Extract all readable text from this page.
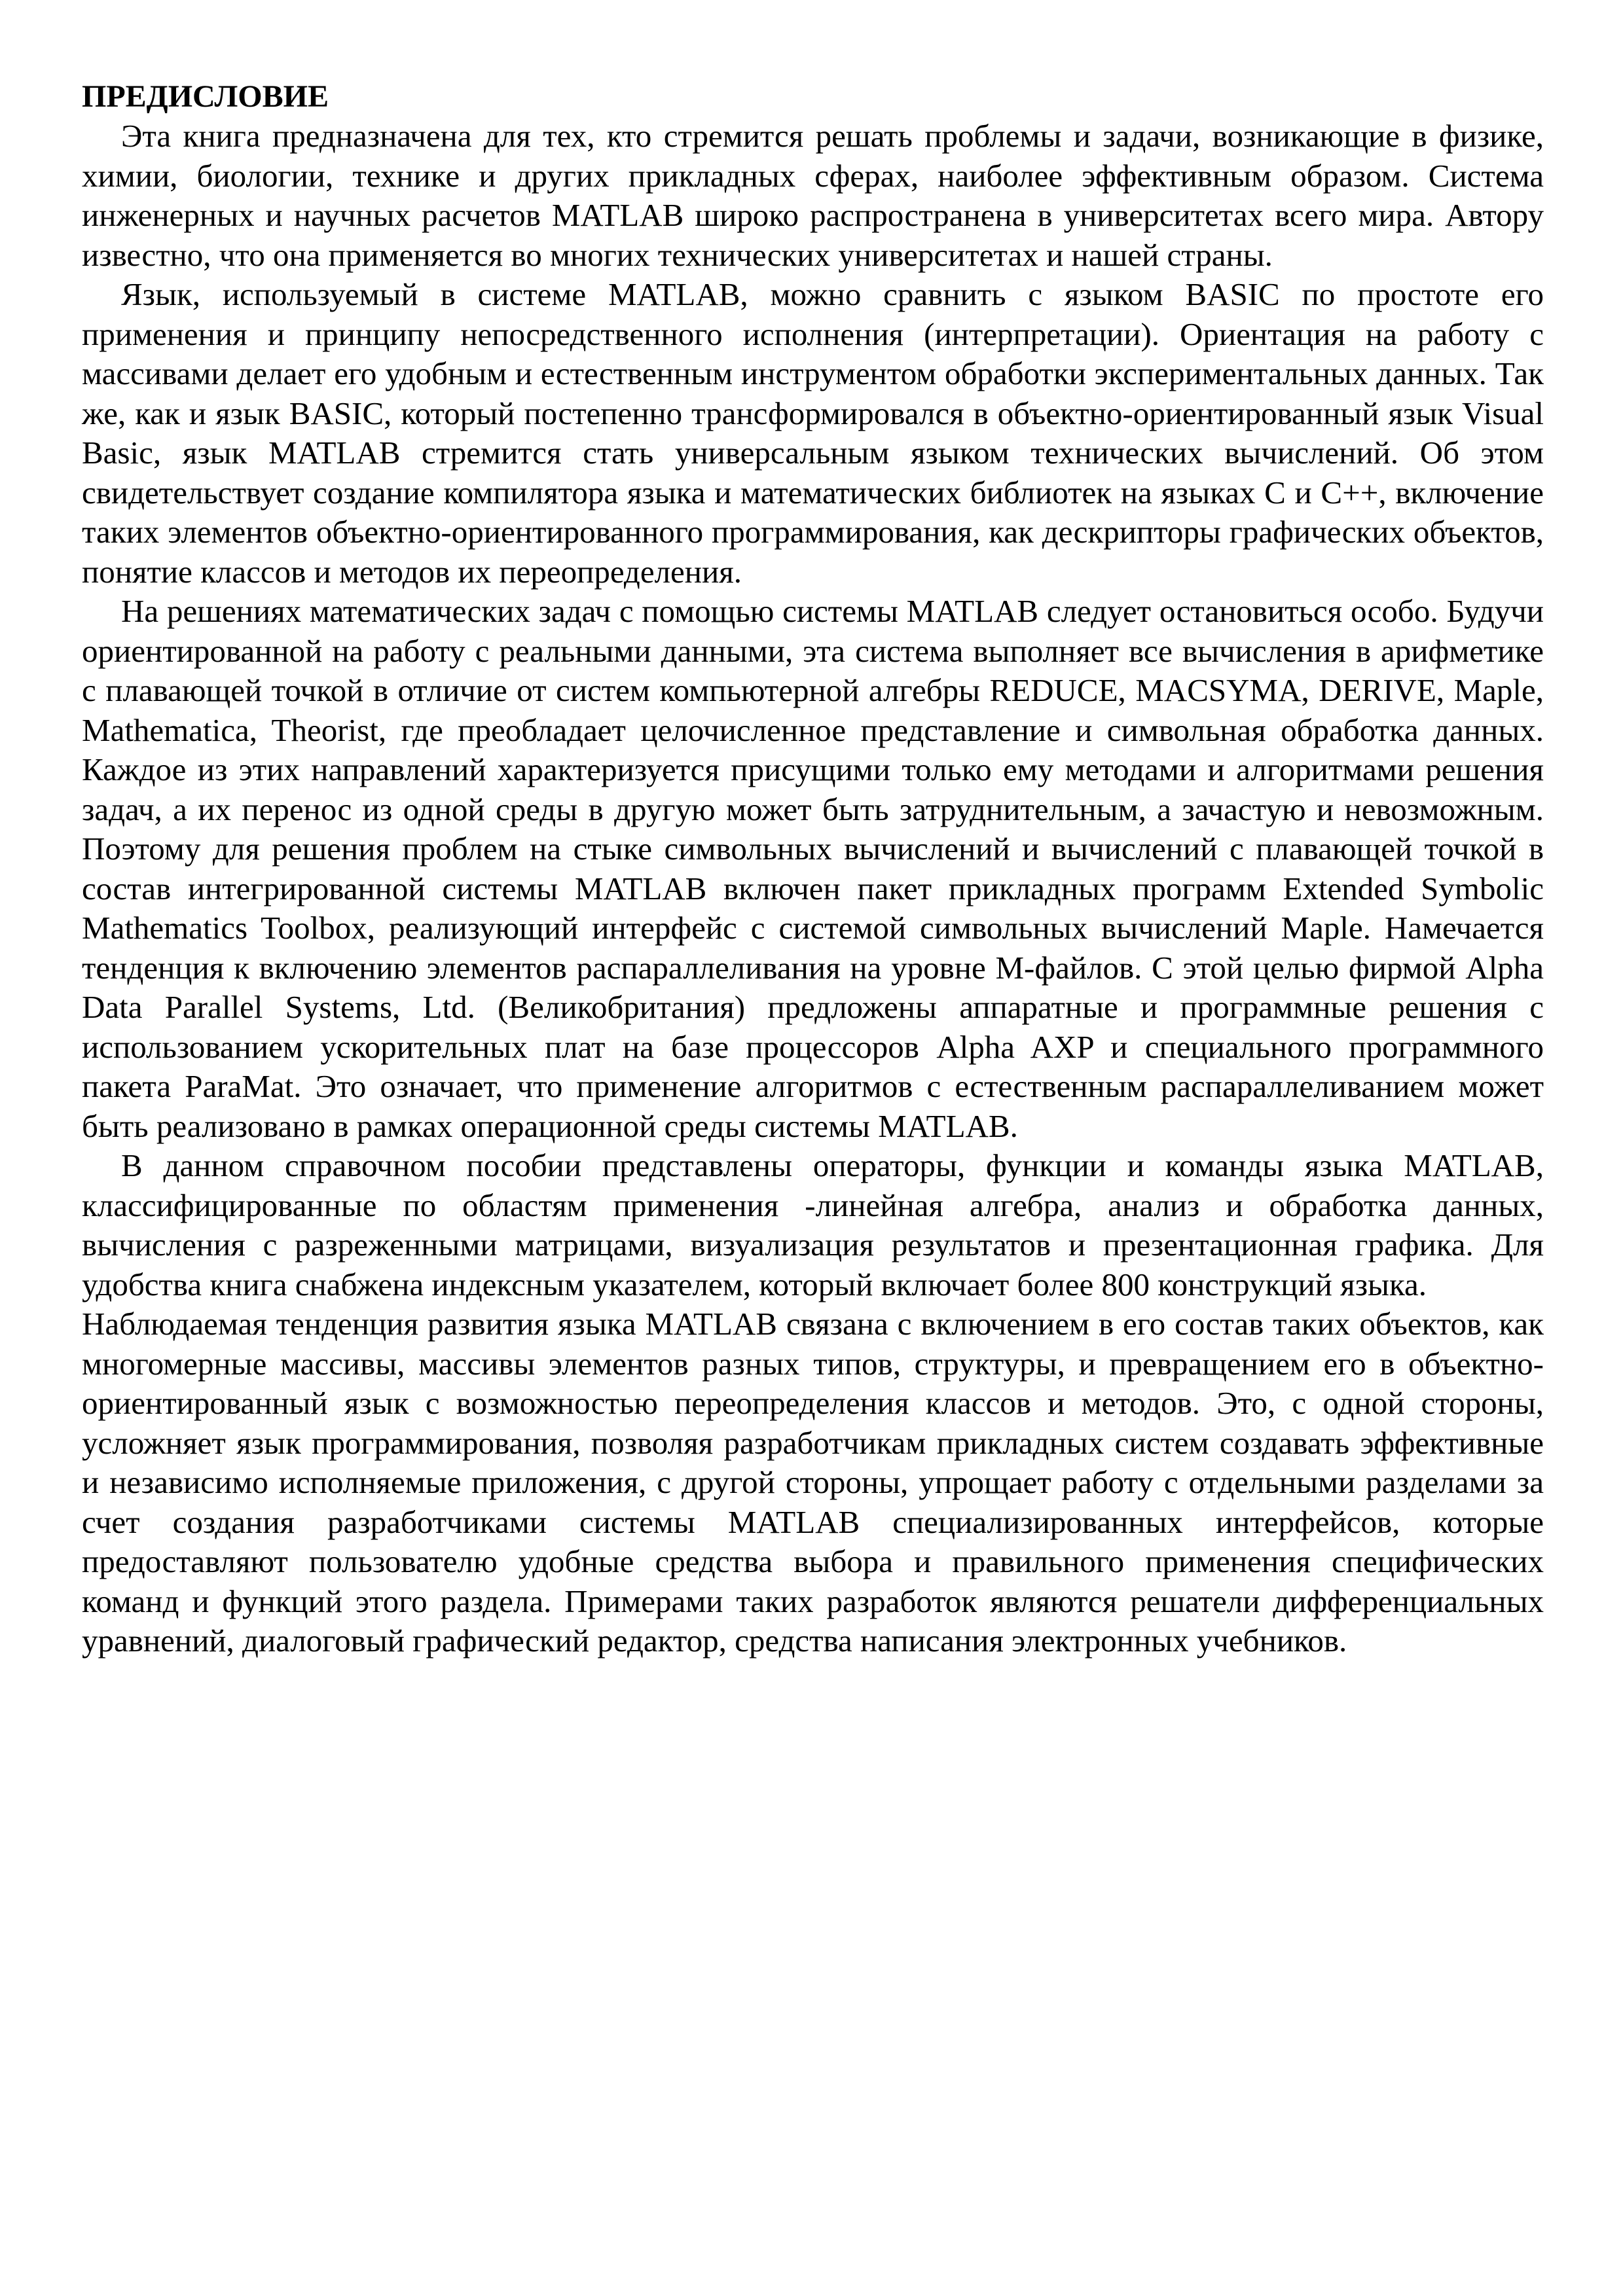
ПРЕДИСЛОВИЕ

Эта книга предназначена для тех, кто стремится решать проблемы и задачи, возникающие в физике, химии, биологии, технике и других прикладных сферах, наиболее эффективным образом. Система инженерных и научных расчетов MATLAB широко распространена в университетах всего мира. Автору известно, что она применяется во многих технических университетах и нашей страны.

Язык, используемый в системе MATLAB, можно сравнить с языком BASIC по простоте его применения и принципу непосредственного исполнения (интерпретации). Ориентация на работу с массивами делает его удобным и естественным инструментом обработки экспериментальных данных. Так же, как и язык BASIC, который постепенно трансформировался в объектно-ориентированный язык Visual Basic, язык MATLAB стремится стать универсальным языком технических вычислений. Об этом свидетельствует создание компилятора языка и математических библиотек на языках С и С++, включение таких элементов объектно-ориентированного программирования, как дескрипторы графических объектов, понятие классов и методов их переопределения.

На решениях математических задач с помощью системы MATLAB следует остановиться особо. Будучи ориентированной на работу с реальными данными, эта система выполняет все вычисления в арифметике с плавающей точкой в отличие от систем компьютерной алгебры REDUCE, MACSYMA, DERIVE, Maple, Mathematica, Theorist, где преобладает целочисленное представление и символьная обработка данных. Каждое из этих направлений характеризуется присущими только ему методами и алгоритмами решения задач, а их перенос из одной среды в другую может быть затруднительным, а зачастую и невозможным. Поэтому для решения проблем на стыке символьных вычислений и вычислений с плавающей точкой в состав интегрированной системы MATLAB включен пакет прикладных программ Extended Symbolic Mathematics Toolbox, реализующий интерфейс с системой символьных вычислений Maple. Намечается тенденция к включению элементов распараллеливания на уровне М-файлов. С этой целью фирмой Alpha Data Parallel Systems, Ltd. (Великобритания) предложены аппаратные и программные решения с использованием ускорительных плат на базе процессоров Alpha AXP и специального программного пакета ParaMat. Это означает, что применение алгоритмов с естественным распараллеливанием может быть реализовано в рамках операционной среды системы MATLAB.

В данном справочном пособии представлены операторы, функции и команды языка MATLAB, классифицированные по областям применения -линейная алгебра, анализ и обработка данных, вычисления с разреженными матрицами, визуализация результатов и презентационная графика. Для удобства книга снабжена индексным указателем, который включает более 800 конструкций языка.

Наблюдаемая тенденция развития языка MATLAB связана с включением в его состав таких объектов, как многомерные массивы, массивы элементов разных типов, структуры, и превращением его в объектно-ориентированный язык с возможностью переопределения классов и методов. Это, с одной стороны, усложняет язык программирования, позволяя разработчикам прикладных систем создавать эффективные и независимо исполняемые приложения, с другой стороны, упрощает работу с отдельными разделами за счет создания разработчиками системы MATLAB специализированных интерфейсов, которые предоставляют пользователю удобные средства выбора и правильного применения специфических команд и функций этого раздела. Примерами таких разработок являются решатели дифференциальных уравнений, диалоговый графический редактор, средства написания электронных учебников.
